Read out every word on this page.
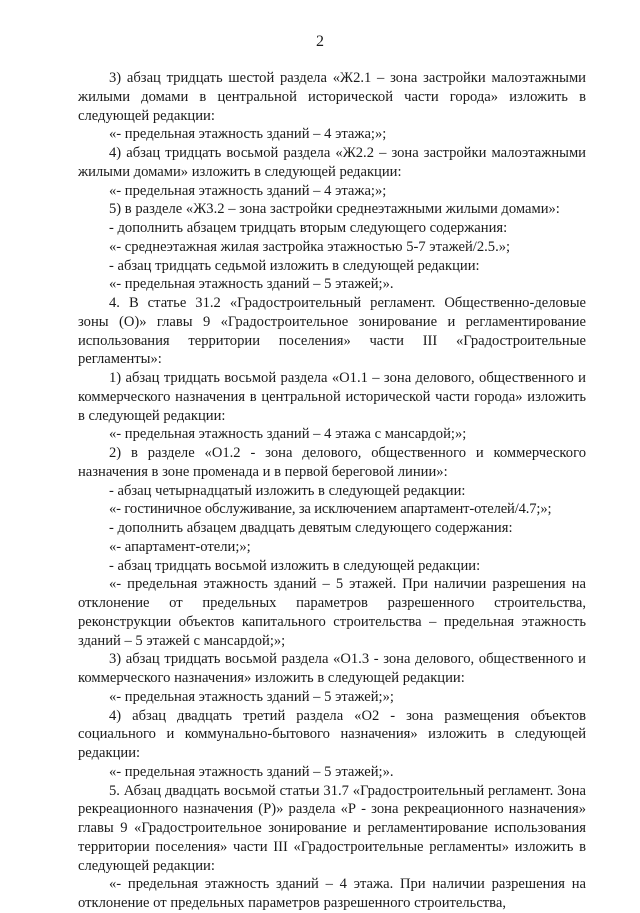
2

3) абзац тридцать шестой раздела «Ж2.1 – зона застройки малоэтажными жилыми домами в центральной исторической части города» изложить в следующей редакции:

«- предельная этажность зданий – 4 этажа;»;

4) абзац тридцать восьмой раздела «Ж2.2 – зона застройки малоэтажными жилыми домами» изложить в следующей редакции:

«- предельная этажность зданий – 4 этажа;»;

5) в разделе «Ж3.2 – зона застройки среднеэтажными жилыми домами»:

- дополнить абзацем тридцать вторым следующего содержания:

«- среднеэтажная жилая застройка этажностью 5-7 этажей/2.5.»;

- абзац тридцать седьмой изложить в следующей редакции:

«- предельная этажность зданий – 5 этажей;».

4. В статье 31.2 «Градостроительный регламент. Общественно-деловые зоны (О)» главы 9 «Градостроительное зонирование и регламентирование использования территории поселения» части III «Градостроительные регламенты»:

1) абзац тридцать восьмой раздела «О1.1 – зона делового, общественного и коммерческого назначения в центральной исторической части города» изложить в следующей редакции:

«- предельная этажность зданий – 4 этажа с мансардой;»;

2) в разделе «О1.2 - зона делового, общественного и коммерческого назначения в зоне променада и в первой береговой линии»:

- абзац четырнадцатый изложить в следующей редакции:

«- гостиничное обслуживание, за исключением апартамент-отелей/4.7;»;

- дополнить абзацем двадцать девятым следующего содержания:

«- апартамент-отели;»;

- абзац тридцать восьмой изложить в следующей редакции:

«- предельная этажность зданий – 5 этажей. При наличии разрешения на отклонение от предельных параметров разрешенного строительства, реконструкции объектов капитального строительства – предельная этажность зданий – 5 этажей с мансардой;»;

3) абзац тридцать восьмой раздела «О1.3 - зона делового, общественного и коммерческого назначения» изложить в следующей редакции:

«- предельная этажность зданий – 5 этажей;»;

4) абзац двадцать третий раздела «О2 - зона размещения объектов социального и коммунально-бытового назначения» изложить в следующей редакции:

«- предельная этажность зданий – 5 этажей;».

5. Абзац двадцать восьмой статьи 31.7 «Градостроительный регламент. Зона рекреационного назначения (Р)» раздела «Р - зона рекреационного назначения» главы 9 «Градостроительное зонирование и регламентирование использования территории поселения» части III «Градостроительные регламенты» изложить в следующей редакции:

«- предельная этажность зданий – 4 этажа. При наличии разрешения на отклонение от предельных параметров разрешенного строительства,
